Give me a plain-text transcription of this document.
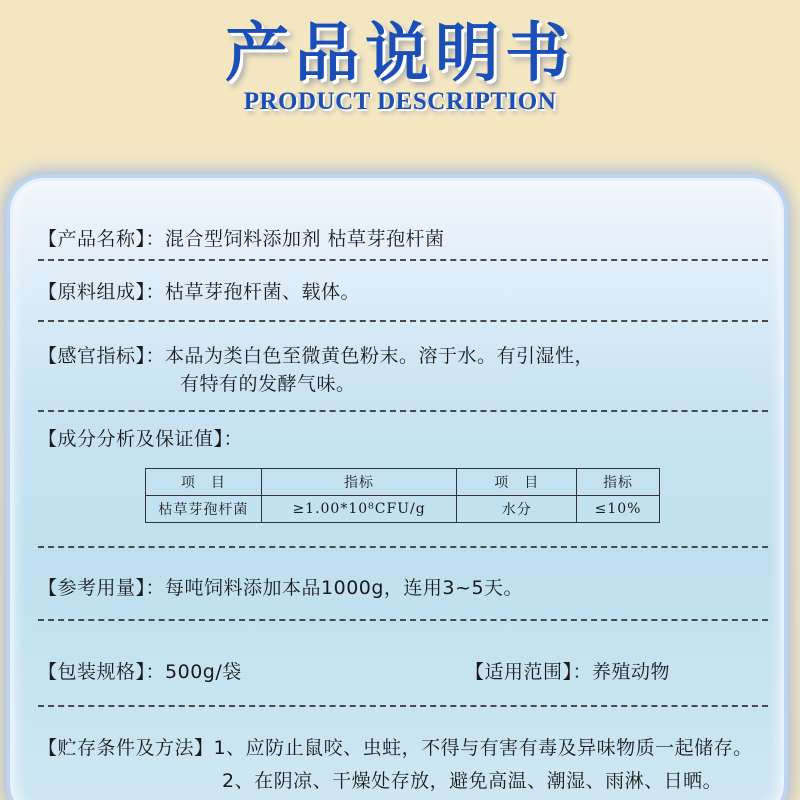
产品说明书
PRODUCT DESCRIPTION
【产品名称】：混合型饲料添加剂 枯草芽孢杆菌
【原料组成】：枯草芽孢杆菌、载体。
【感官指标】：本品为类白色至微黄色粉末。溶于水。有引湿性，
有特有的发酵气味。
【成分分析及保证值】：
项　目	指标	项　目	指标
枯草芽孢杆菌	≥1.00*10⁸CFU/g	水分	≤10%
【参考用量】：每吨饲料添加本品1000g，连用3~5天。
【包装规格】：500g/袋	【适用范围】：养殖动物
【贮存条件及方法】1、应防止鼠咬、虫蛀，不得与有害有毒及异味物质一起储存。
2、在阴凉、干燥处存放，避免高温、潮湿、雨淋、日晒。
